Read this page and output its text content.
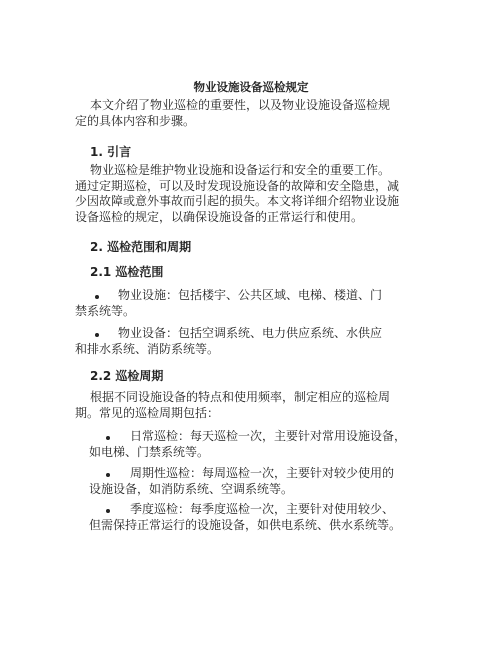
物业设施设备巡检规定
本文介绍了物业巡检的重要性，以及物业设施设备巡检规
定的具体内容和步骤。
1. 引言
物业巡检是维护物业设施和设备运行和安全的重要工作。
通过定期巡检，可以及时发现设施设备的故障和安全隐患，减
少因故障或意外事故而引起的损失。本文将详细介绍物业设施
设备巡检的规定，以确保设施设备的正常运行和使用。
2. 巡检范围和周期
2.1 巡检范围
物业设施：包括楼宇、公共区域、电梯、楼道、门
禁系统等。
物业设备：包括空调系统、电力供应系统、水供应
和排水系统、消防系统等。
2.2 巡检周期
根据不同设施设备的特点和使用频率，制定相应的巡检周
期。常见的巡检周期包括：
日常巡检：每天巡检一次，主要针对常用设施设备，
如电梯、门禁系统等。
周期性巡检：每周巡检一次，主要针对较少使用的
设施设备，如消防系统、空调系统等。
季度巡检：每季度巡检一次，主要针对使用较少、
但需保持正常运行的设施设备，如供电系统、供水系统等。
